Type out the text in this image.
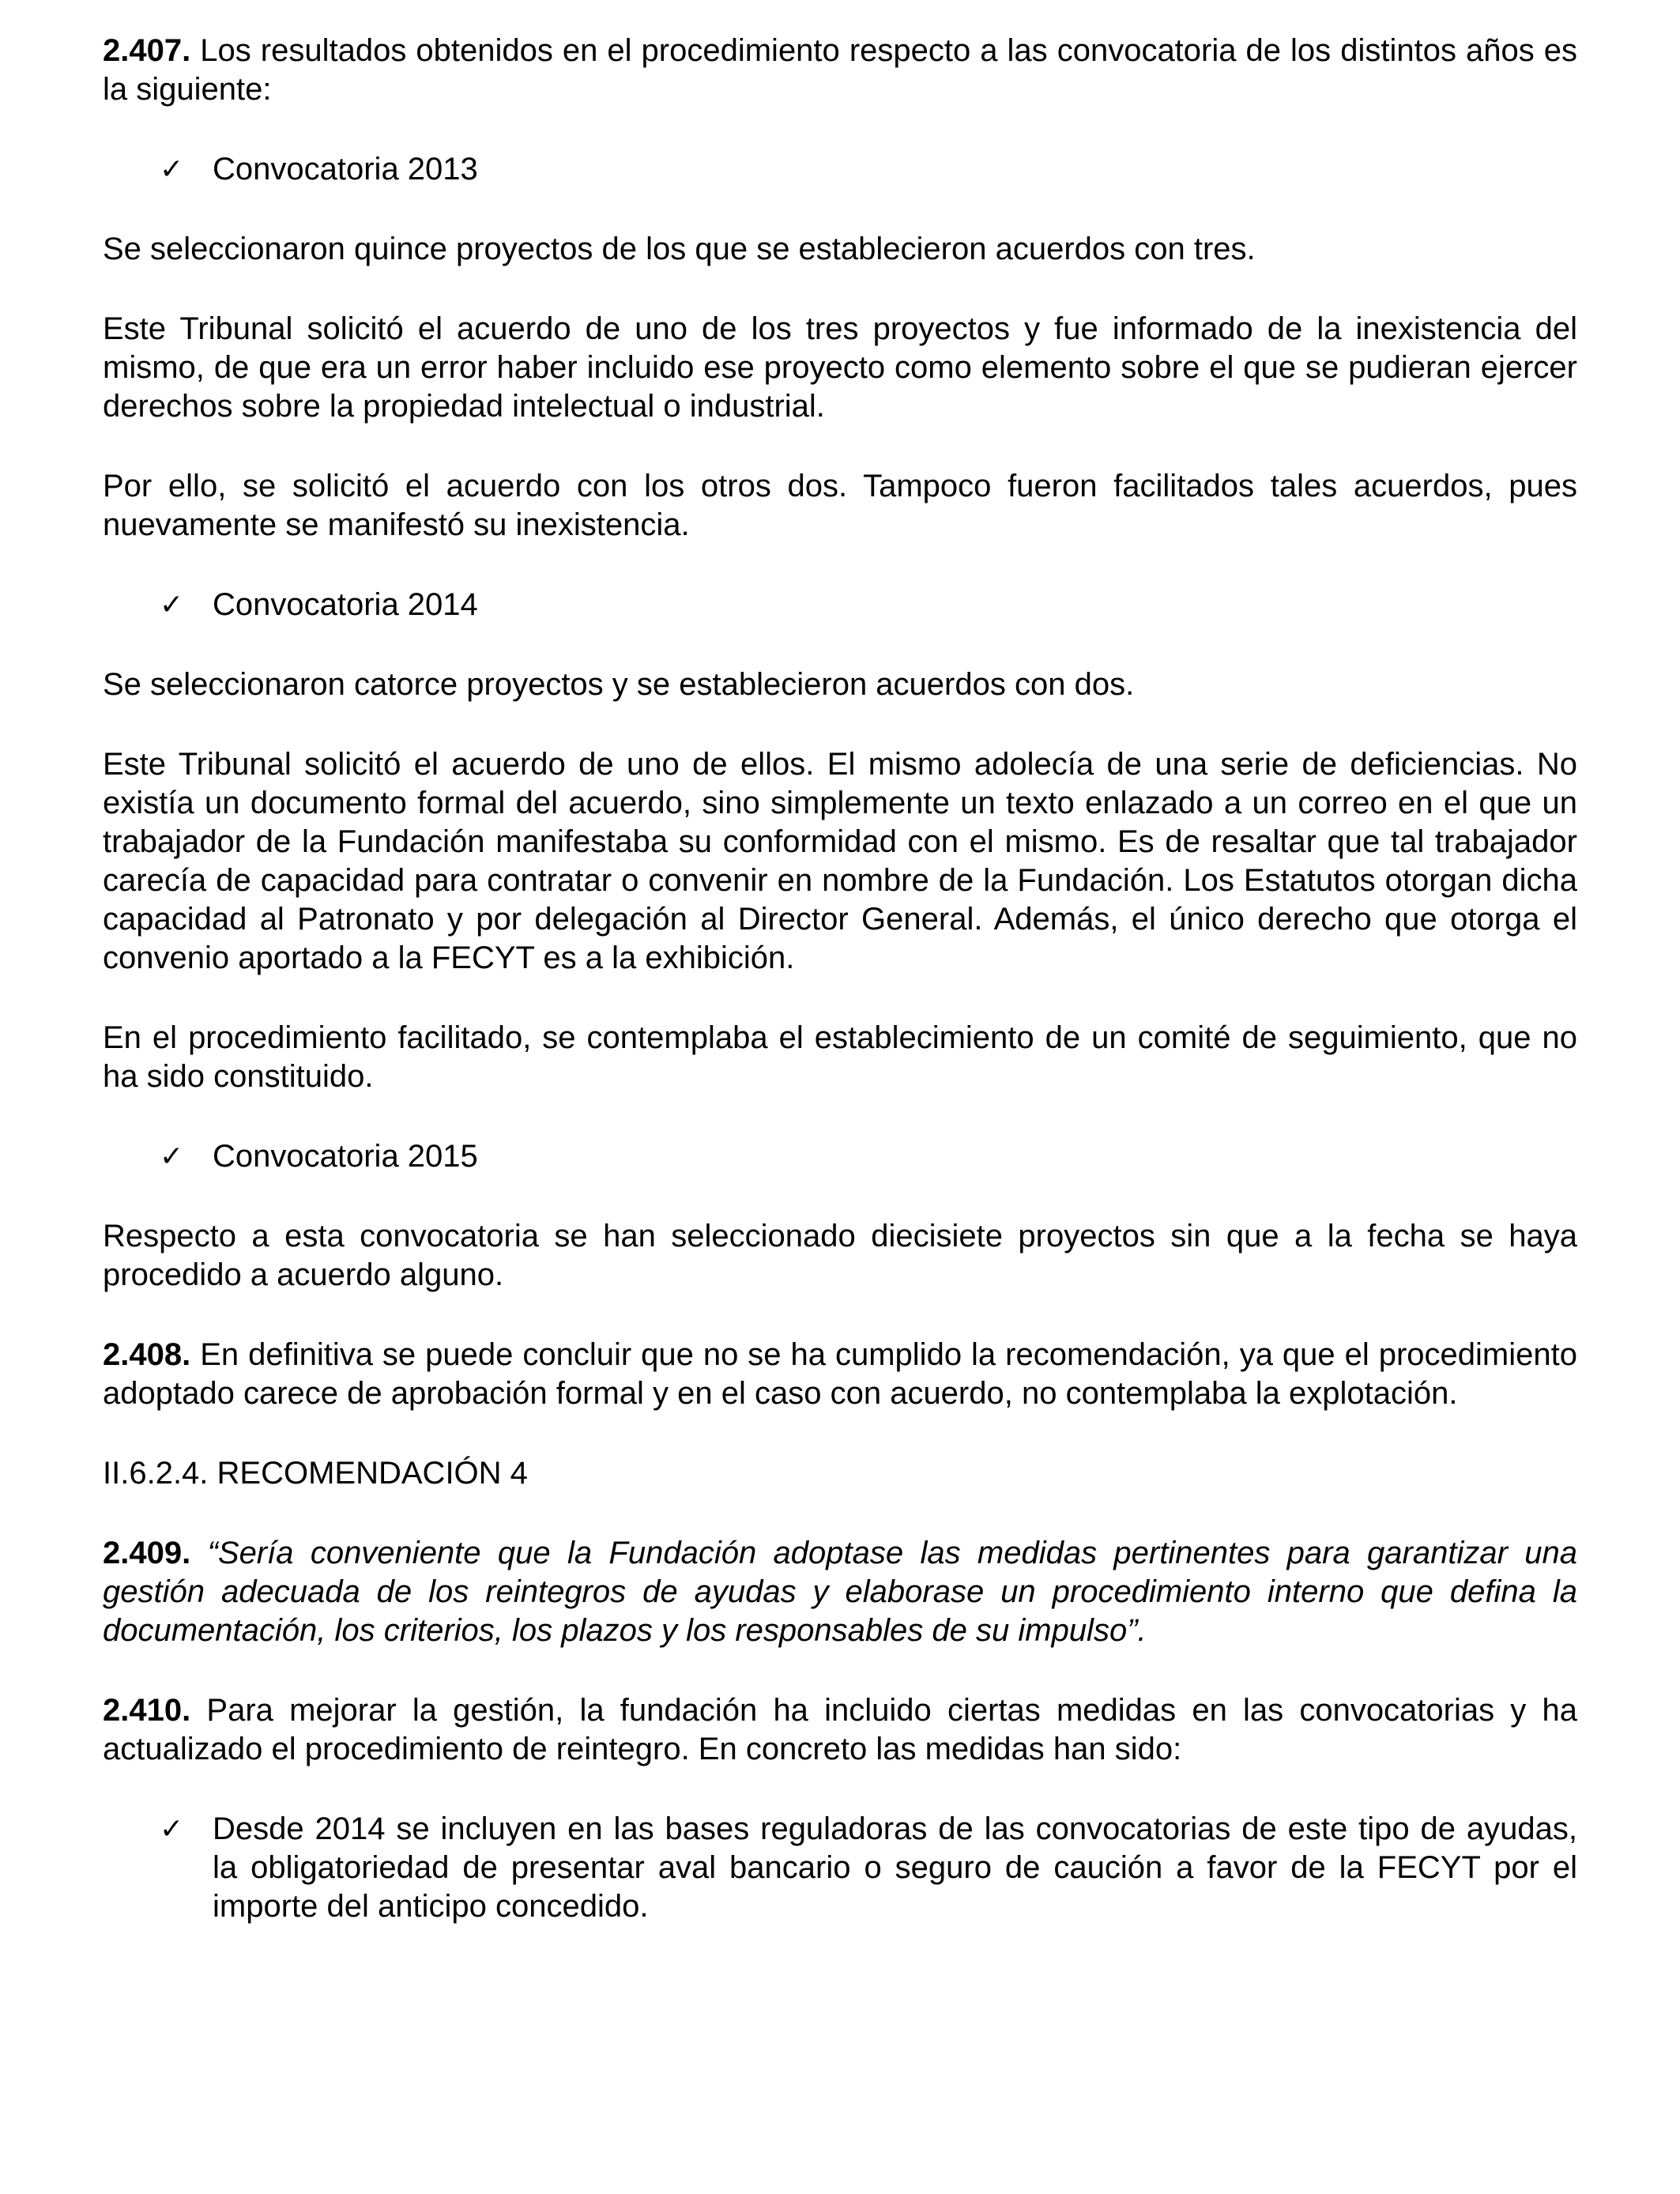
2.407. Los resultados obtenidos en el procedimiento respecto a las convocatoria de los distintos años es la siguiente:

✓ Convocatoria 2013

Se seleccionaron quince proyectos de los que se establecieron acuerdos con tres.

Este Tribunal solicitó el acuerdo de uno de los tres proyectos y fue informado de la inexistencia del mismo, de que era un error haber incluido ese proyecto como elemento sobre el que se pudieran ejercer derechos sobre la propiedad intelectual o industrial.

Por ello, se solicitó el acuerdo con los otros dos. Tampoco fueron facilitados tales acuerdos, pues nuevamente se manifestó su inexistencia.

✓ Convocatoria 2014

Se seleccionaron catorce proyectos y se establecieron acuerdos con dos.

Este Tribunal solicitó el acuerdo de uno de ellos. El mismo adolecía de una serie de deficiencias. No existía un documento formal del acuerdo, sino simplemente un texto enlazado a un correo en el que un trabajador de la Fundación manifestaba su conformidad con el mismo. Es de resaltar que tal trabajador carecía de capacidad para contratar o convenir en nombre de la Fundación. Los Estatutos otorgan dicha capacidad al Patronato y por delegación al Director General. Además, el único derecho que otorga el convenio aportado a la FECYT es a la exhibición.

En el procedimiento facilitado, se contemplaba el establecimiento de un comité de seguimiento, que no ha sido constituido.

✓ Convocatoria 2015

Respecto a esta convocatoria se han seleccionado diecisiete proyectos sin que a la fecha se haya procedido a acuerdo alguno.

2.408. En definitiva se puede concluir que no se ha cumplido la recomendación, ya que el procedimiento adoptado carece de aprobación formal y en el caso con acuerdo, no contemplaba la explotación.

II.6.2.4. RECOMENDACIÓN 4

2.409. “Sería conveniente que la Fundación adoptase las medidas pertinentes para garantizar una gestión adecuada de los reintegros de ayudas y elaborase un procedimiento interno que defina la documentación, los criterios, los plazos y los responsables de su impulso”.

2.410. Para mejorar la gestión, la fundación ha incluido ciertas medidas en las convocatorias y ha actualizado el procedimiento de reintegro. En concreto las medidas han sido:

✓ Desde 2014 se incluyen en las bases reguladoras de las convocatorias de este tipo de ayudas, la obligatoriedad de presentar aval bancario o seguro de caución a favor de la FECYT por el importe del anticipo concedido.
